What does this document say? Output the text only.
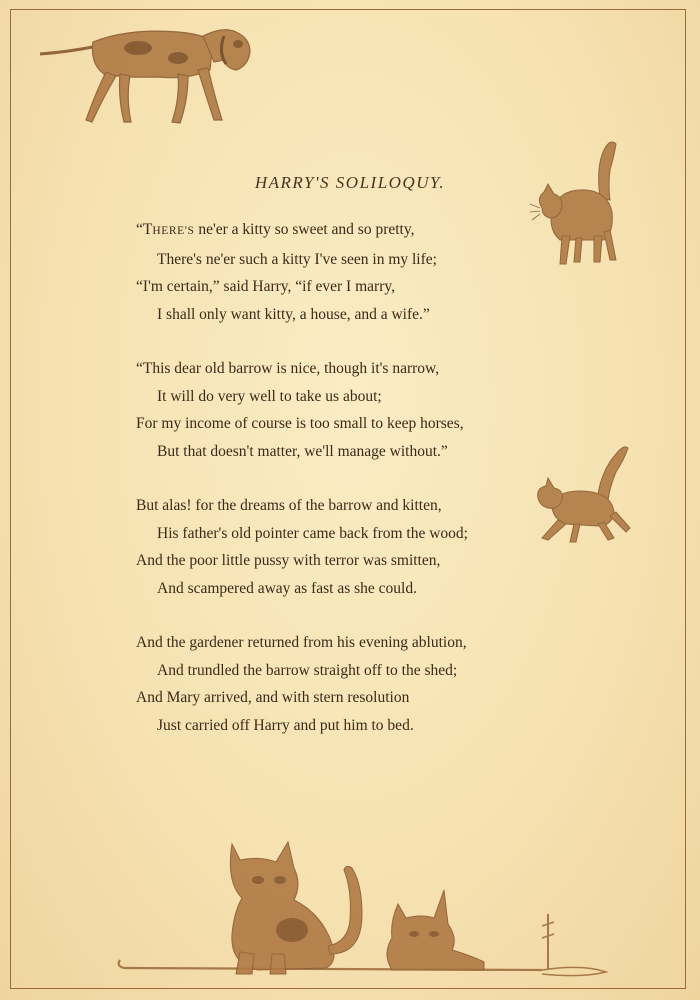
HARRY'S SOLILOQUY.
“THERE'S ne'er a kitty so sweet and so pretty,
There's ne'er such a kitty I've seen in my life;
“I'm certain,” said Harry, “if ever I marry,
I shall only want kitty, a house, and a wife.”
“This dear old barrow is nice, though it's narrow,
It will do very well to take us about;
For my income of course is too small to keep horses,
But that doesn't matter, we'll manage without.”
But alas! for the dreams of the barrow and kitten,
His father's old pointer came back from the wood;
And the poor little pussy with terror was smitten,
And scampered away as fast as she could.
And the gardener returned from his evening ablution,
And trundled the barrow straight off to the shed;
And Mary arrived, and with stern resolution
Just carried off Harry and put him to bed.
